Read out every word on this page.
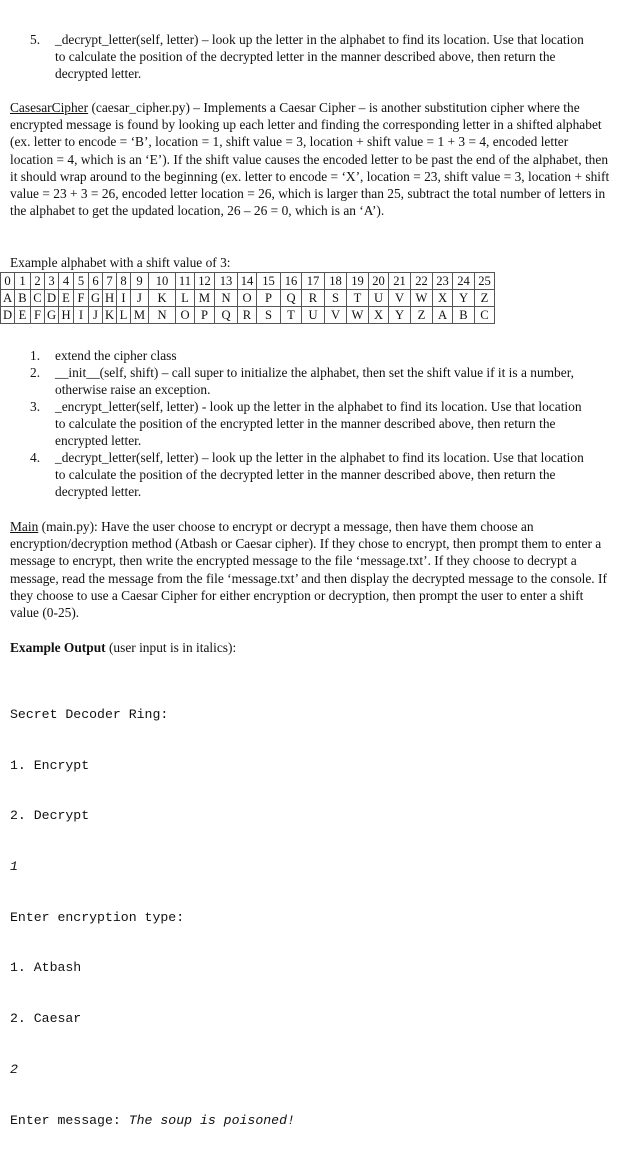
5. _decrypt_letter(self, letter) – look up the letter in the alphabet to find its location. Use that location to calculate the position of the decrypted letter in the manner described above, then return the decrypted letter.
CasesarCipher (caesar_cipher.py) – Implements a Caesar Cipher – is another substitution cipher where the encrypted message is found by looking up each letter and finding the corresponding letter in a shifted alphabet (ex. letter to encode = ‘B’, location = 1, shift value = 3, location + shift value = 1 + 3 = 4, encoded letter location = 4, which is an ‘E’). If the shift value causes the encoded letter to be past the end of the alphabet, then it should wrap around to the beginning (ex. letter to encode = ‘X’, location = 23, shift value = 3, location + shift value = 23 + 3 = 26, encoded letter location = 26, which is larger than 25, subtract the total number of letters in the alphabet to get the updated location, 26 – 26 = 0, which is an ‘A’).
Example alphabet with a shift value of 3:
0	1	2	3	4	5	6	7	8	9	10	11	12	13	14	15	16	17	18	19	20	21	22	23	24	25
A	B	C	D	E	F	G	H	I	J	K	L	M	N	O	P	Q	R	S	T	U	V	W	X	Y	Z
D	E	F	G	H	I	J	K	L	M	N	O	P	Q	R	S	T	U	V	W	X	Y	Z	A	B	C
1. extend the cipher class
2. __init__(self, shift) – call super to initialize the alphabet, then set the shift value if it is a number, otherwise raise an exception.
3. _encrypt_letter(self, letter) - look up the letter in the alphabet to find its location. Use that location to calculate the position of the encrypted letter in the manner described above, then return the encrypted letter.
4. _decrypt_letter(self, letter) – look up the letter in the alphabet to find its location. Use that location to calculate the position of the decrypted letter in the manner described above, then return the decrypted letter.
Main (main.py): Have the user choose to encrypt or decrypt a message, then have them choose an encryption/decryption method (Atbash or Caesar cipher). If they chose to encrypt, then prompt them to enter a message to encrypt, then write the encrypted message to the file ‘message.txt’. If they choose to decrypt a message, read the message from the file ‘message.txt’ and then display the decrypted message to the console. If they choose to use a Caesar Cipher for either encryption or decryption, then prompt the user to enter a shift value (0-25).
Example Output (user input is in italics):

Secret Decoder Ring:

1. Encrypt

2. Decrypt

1

Enter encryption type:

1. Atbash

2. Caesar

2

Enter message: The soup is poisoned!
